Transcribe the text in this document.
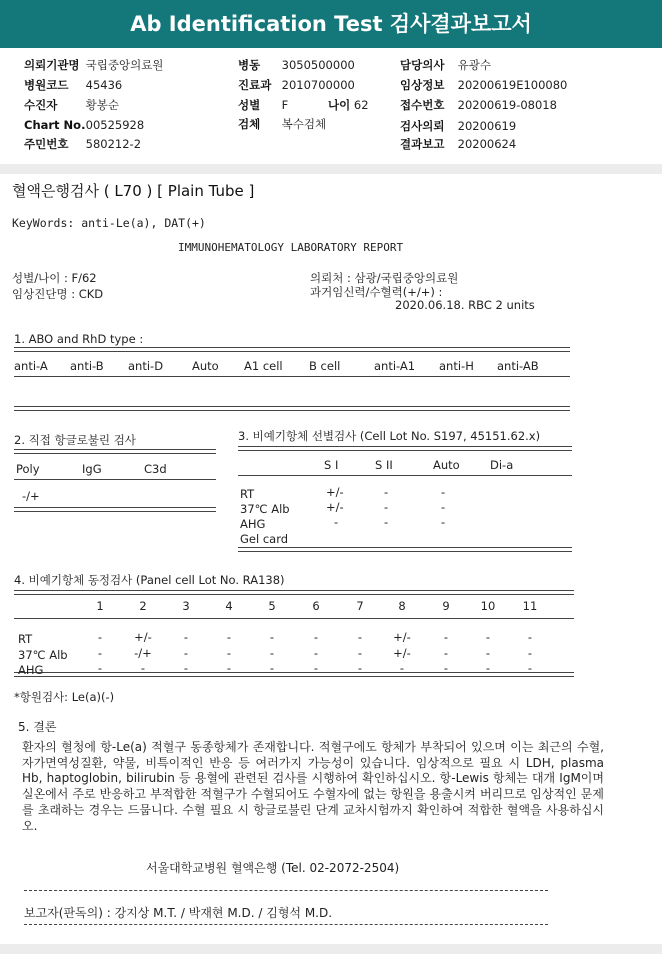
Ab Identification Test 검사결과보고서
의뢰기관명 국립중앙의료원
병원코드 45436
수진자 황봉순
Chart No. 00525928
주민번호 580212-2
병동 3050500000
진료과 2010700000
성별 F	나이 62
검체 복수검체
담당의사 유광수
임상정보 20200619E100080
접수번호 20200619-08018
검사의뢰 20200619
결과보고 20200624
혈액은행검사 ( L70 ) [ Plain Tube ]
KeyWords: anti-Le(a), DAT(+)
IMMUNOHEMATOLOGY LABORATORY REPORT
성별/나이 : F/62
임상진단명 : CKD
의뢰처 : 삼광/국립중앙의료원
과거임신력/수혈력(+/+) :
2020.06.18. RBC 2 units
1. ABO and RhD type :
anti-A anti-B anti-D	Auto A1 cell B cell	anti-A1 anti-H anti-AB
2. 직접 항글로불린 검사
Poly	IgG	C3d
-/+
3. 비예기항체 선별검사 (Cell Lot No. S197, 45151.62.x)
S I	S II	Auto	Di-a
RT	+/-	-	-
37℃ Alb	+/-	-	-
AHG	-	-	-
Gel card
4. 비예기항체 동정검사 (Panel cell Lot No. RA138)
*항원검사: Le(a)(-)
5. 결론
환자의 혈청에 항-Le(a) 적혈구 동종항체가 존재합니다. 적혈구에도 항체가 부착되어 있으며 이는 최근의 수혈, 자가면역성질환, 약물, 비특이적인 반응 등 여러가지 가능성이 있습니다. 임상적으로 필요 시 LDH, plasma Hb, haptoglobin, bilirubin 등 용혈에 관련된 검사를 시행하여 확인하십시오. 항-Lewis 항체는 대개 IgM이며 실온에서 주로 반응하고 부적합한 적혈구가 수혈되어도 수혈자에 없는 항원을 용출시켜 버리므로 임상적인 문제를 초래하는 경우는 드뭅니다. 수혈 필요 시 항글로불린 단계 교차시험까지 확인하여 적합한 혈액을 사용하십시오.
서울대학교병원 혈액은행 (Tel. 02-2072-2504)
보고자(판독의) : 강지상 M.T. / 박재현 M.D. / 김형석 M.D.
1	2	3	4	5	6	7	8	9	10 11
RT	-	+/-	-	-	-	-	-	+/-	-	-	-
37℃ Alb	-	-/+	-	-	-	-	-	+/-	-	-	-
AHG	-	-	-	-	-	-	-	-	-	-	-
